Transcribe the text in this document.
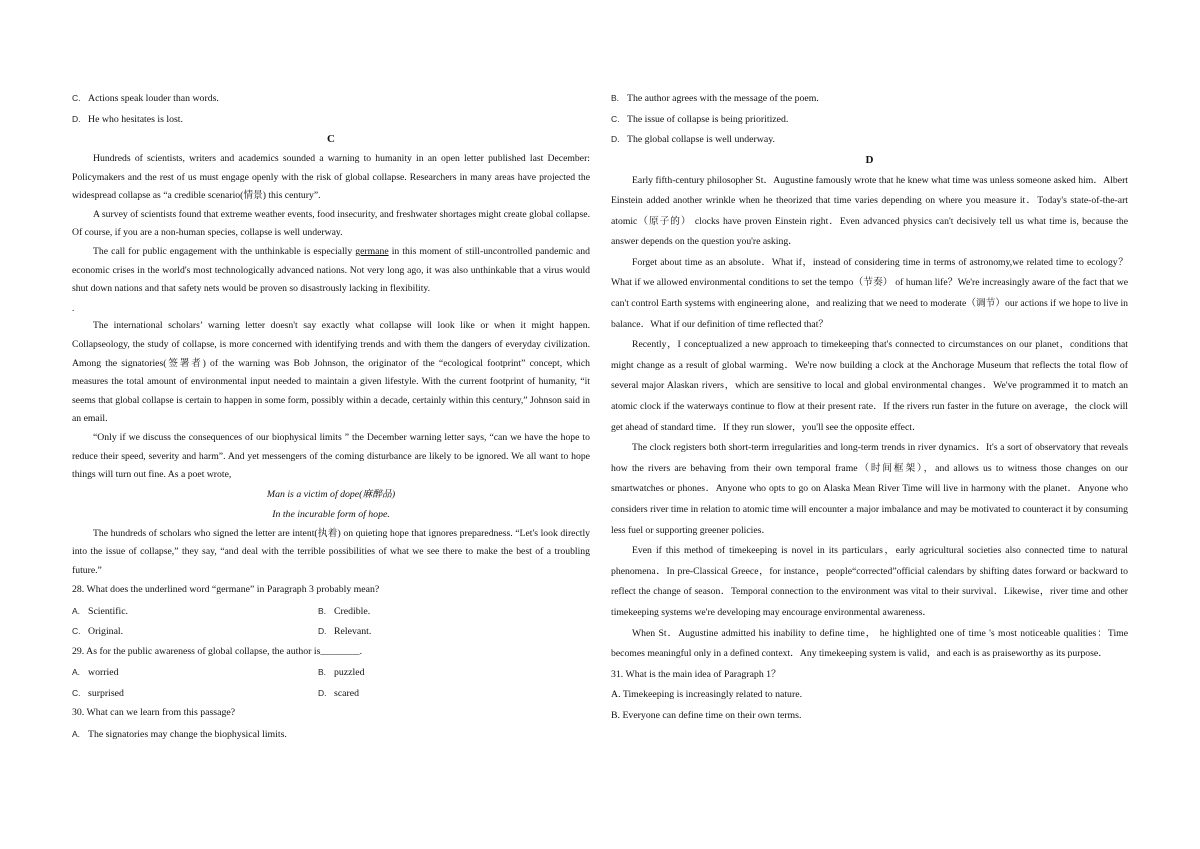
C. Actions speak louder than words.
D. He who hesitates is lost.
C

Hundreds of scientists, writers and academics sounded a warning to humanity in an open letter published last December: Policymakers and the rest of us must engage openly with the risk of global collapse. Researchers in many areas have projected the widespread collapse as “a credible scenario(情景) this century”.

A survey of scientists found that extreme weather events, food insecurity, and freshwater shortages might create global collapse. Of course, if you are a non-human species, collapse is well underway.

The call for public engagement with the unthinkable is especially germane in this moment of still-uncontrolled pandemic and economic crises in the world's most technologically advanced nations. Not very long ago, it was also unthinkable that a virus would shut down nations and that safety nets would be proven so disastrously lacking in flexibility.

.

The international scholars’ warning letter doesn't say exactly what collapse will look like or when it might happen. Collapseology, the study of collapse, is more concerned with identifying trends and with them the dangers of everyday civilization. Among the signatories(签署者) of the warning was Bob Johnson, the originator of the “ecological footprint” concept, which measures the total amount of environmental input needed to maintain a given lifestyle. With the current footprint of humanity, “it seems that global collapse is certain to happen in some form, possibly within a decade, certainly within this century,” Johnson said in an email.

“Only if we discuss the consequences of our biophysical limits ” the December warning letter says, “can we have the hope to reduce their speed, severity and harm”. And yet messengers of the coming disturbance are likely to be ignored. We all want to hope things will turn out fine. As a poet wrote,

Man is a victim of dope(麻醉品)

In the incurable form of hope.

The hundreds of scholars who signed the letter are intent(执着) on quieting hope that ignores preparedness. “Let's look directly into the issue of collapse,” they say, “and deal with the terrible possibilities of what we see there to make the best of a troubling future.”

28. What does the underlined word “germane” in Paragraph 3 probably mean?
A. Scientific.	B. Credible.
C. Original.	D. Relevant.
29. As for the public awareness of global collapse, the author is________.
A. worried	B. puzzled
C. surprised	D. scared
30. What can we learn from this passage?
A. The signatories may change the biophysical limits.
B. The author agrees with the message of the poem.
C. The issue of collapse is being prioritized.
D. The global collapse is well underway.
D

Early fifth-century philosopher St．Augustine famously wrote that he knew what time was unless someone asked him．Albert Einstein added another wrinkle when he theorized that time varies depending on where you measure it．Today's state-of-the-art atomic（原子的） clocks have proven Einstein right．Even advanced physics can't decisively tell us what time is, because the answer depends on the question you're asking．

Forget about time as an absolute．What if，instead of considering time in terms of astronomy,we related time to ecology？What if we allowed environmental conditions to set the tempo（节奏） of human life？We're increasingly aware of the fact that we can't control Earth systems with engineering alone，and realizing that we need to moderate（调节）our actions if we hope to live in balance．What if our definition of time reflected that？

Recently，I conceptualized a new approach to timekeeping that's connected to circumstances on our planet，conditions that might change as a result of global warming．We're now building a clock at the Anchorage Museum that reflects the total flow of several major Alaskan rivers，which are sensitive to local and global environmental changes．We've programmed it to match an atomic clock if the waterways continue to flow at their present rate．If the rivers run faster in the future on average，the clock will get ahead of standard time．If they run slower，you'll see the opposite effect．

The clock registers both short-term irregularities and long-term trends in river dynamics．It's a sort of observatory that reveals how the rivers are behaving from their own temporal frame（时间框架），and allows us to witness those changes on our smartwatches or phones．Anyone who opts to go on Alaska Mean River Time will live in harmony with the planet．Anyone who considers river time in relation to atomic time will encounter a major imbalance and may be motivated to counteract it by consuming less fuel or supporting greener policies．

Even if this method of timekeeping is novel in its particulars，early agricultural societies also connected time to natural phenomena．In pre-Classical Greece，for instance，people“corrected”official calendars by shifting dates forward or backward to reflect the change of season．Temporal connection to the environment was vital to their survival．Likewise，river time and other timekeeping systems we're developing may encourage environmental awareness．

When St．Augustine admitted his inability to define time， he highlighted one of time 's most noticeable qualities：Time becomes meaningful only in a defined context．Any timekeeping system is valid，and each is as praiseworthy as its purpose．

31. What is the main idea of Paragraph 1？
A. Timekeeping is increasingly related to nature.
B. Everyone can define time on their own terms.
